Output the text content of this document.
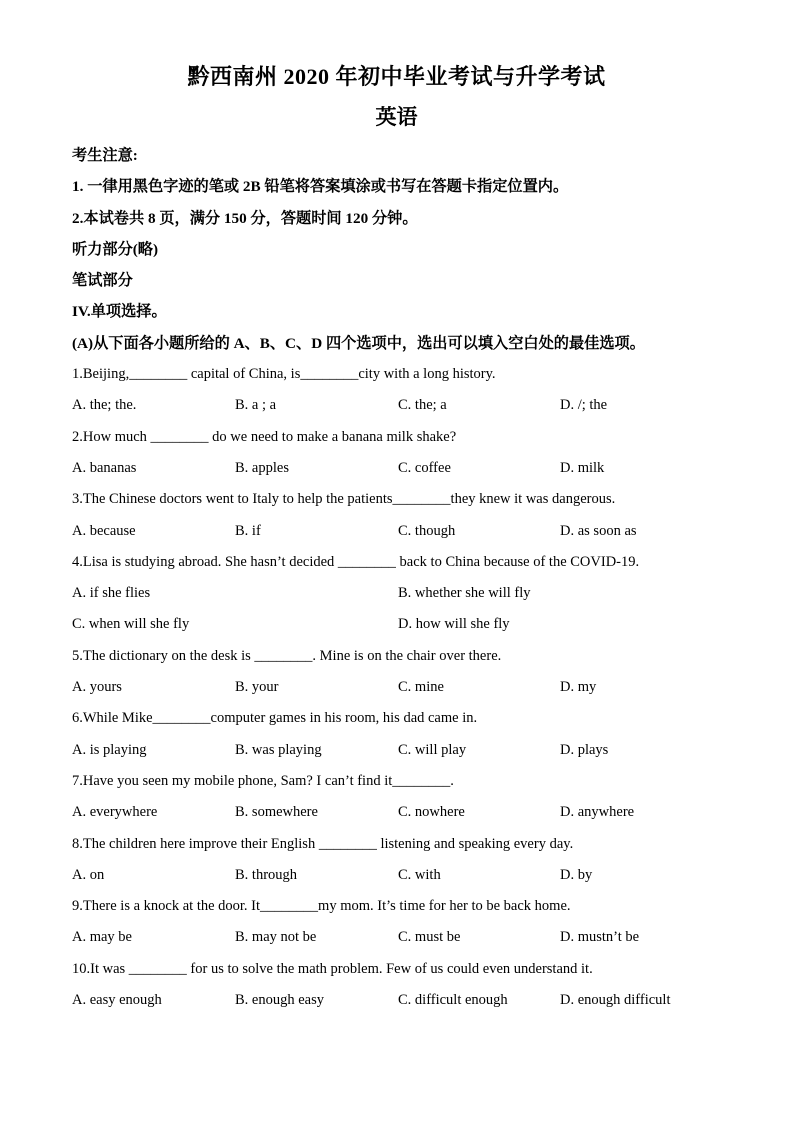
黔西南州 2020 年初中毕业考试与升学考试
英语

考生注意:

1. 一律用黑色字迹的笔或 2B 铅笔将答案填涂或书写在答题卡指定位置内。

2.本试卷共 8 页，满分 150 分，答题时间 120 分钟。

听力部分(略)

笔试部分

IV.单项选择。

(A)从下面各小题所给的 A、B、C、D 四个选项中，选出可以填入空白处的最佳选项。

1.Beijing,________ capital of China, is________city with a long history.

A. the; the.	B. a ; a	C. the; a	D. /; the

2.How much ________ do we need to make a banana milk shake?

A. bananas	B. apples	C. coffee	D. milk

3.The Chinese doctors went to Italy to help the patients________they knew it was dangerous.

A. because	B. if	C. though	D. as soon as

4.Lisa is studying abroad. She hasn’t decided ________ back to China because of the COVID-19.

A. if she flies	B. whether she will fly
C. when will she fly	D. how will she fly

5.The dictionary on the desk is ________. Mine is on the chair over there.

A. yours	B. your	C. mine	D. my

6.While Mike________computer games in his room, his dad came in.

A. is playing	B. was playing	C. will play	D. plays

7.Have you seen my mobile phone, Sam? I can’t find it________.

A. everywhere	B. somewhere	C. nowhere	D. anywhere

8.The children here improve their English ________ listening and speaking every day.

A. on	B. through	C. with	D. by

9.There is a knock at the door. It________my mom. It’s time for her to be back home.

A. may be	B. may not be	C. must be	D. mustn’t be

10.It was ________ for us to solve the math problem. Few of us could even understand it.

A. easy enough	B. enough easy	C. difficult enough	D. enough difficult
